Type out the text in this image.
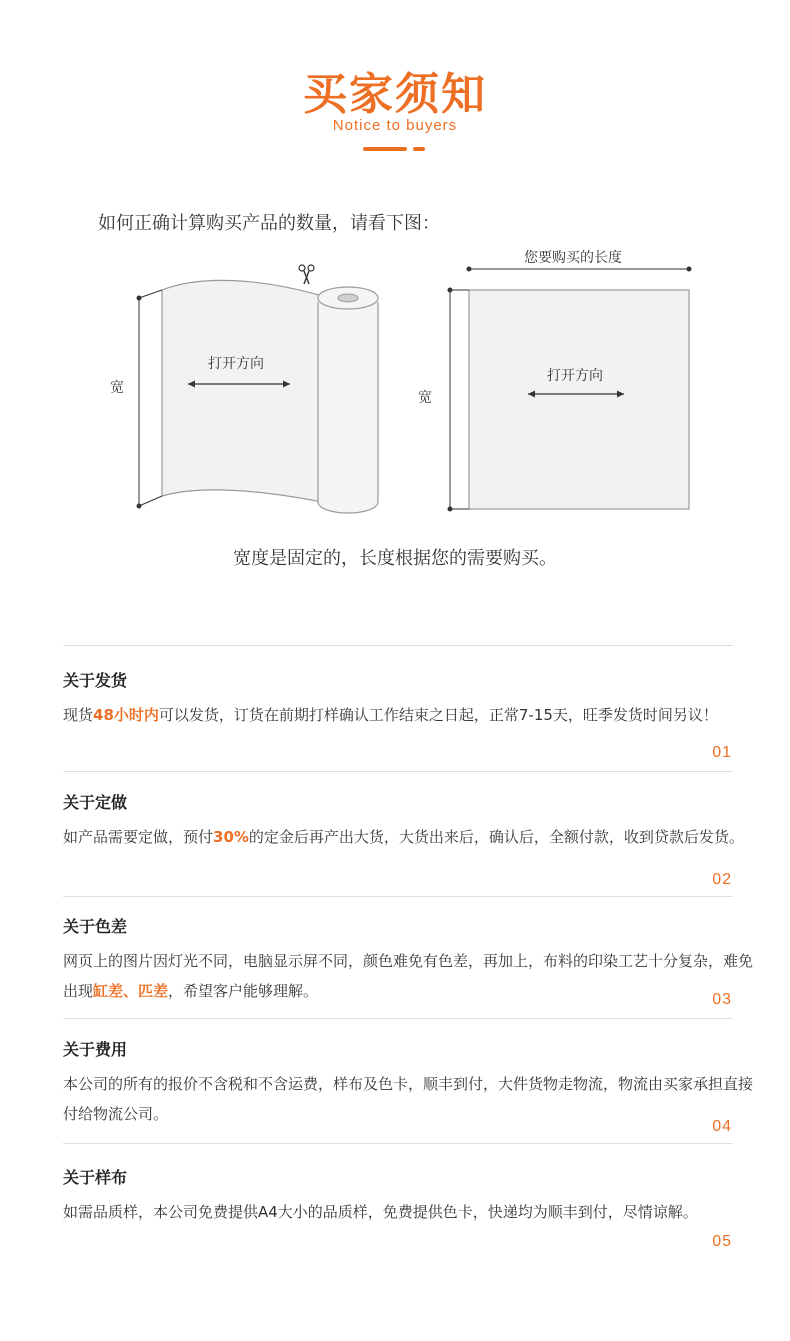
买家须知
Notice to buyers
如何正确计算购买产品的数量，请看下图：
宽
打开方向
您要购买的长度
宽
打开方向
宽度是固定的，长度根据您的需要购买。
关于发货

现货48小时内可以发货，订货在前期打样确认工作结束之日起，正常7-15天，旺季发货时间另议！

01
关于定做

如产品需要定做，预付30%的定金后再产出大货，大货出来后，确认后，全额付款，收到贷款后发货。

02
关于色差

网页上的图片因灯光不同，电脑显示屏不同，颜色难免有色差，再加上，布料的印染工艺十分复杂，难免出现缸差、匹差，希望客户能够理解。	03
关于费用

本公司的所有的报价不含税和不含运费，样布及色卡，顺丰到付，大件货物走物流，物流由买家承担直接付给物流公司。

04
关于样布

如需品质样，本公司免费提供A4大小的品质样，免费提供色卡，快递均为顺丰到付，尽情谅解。

05
